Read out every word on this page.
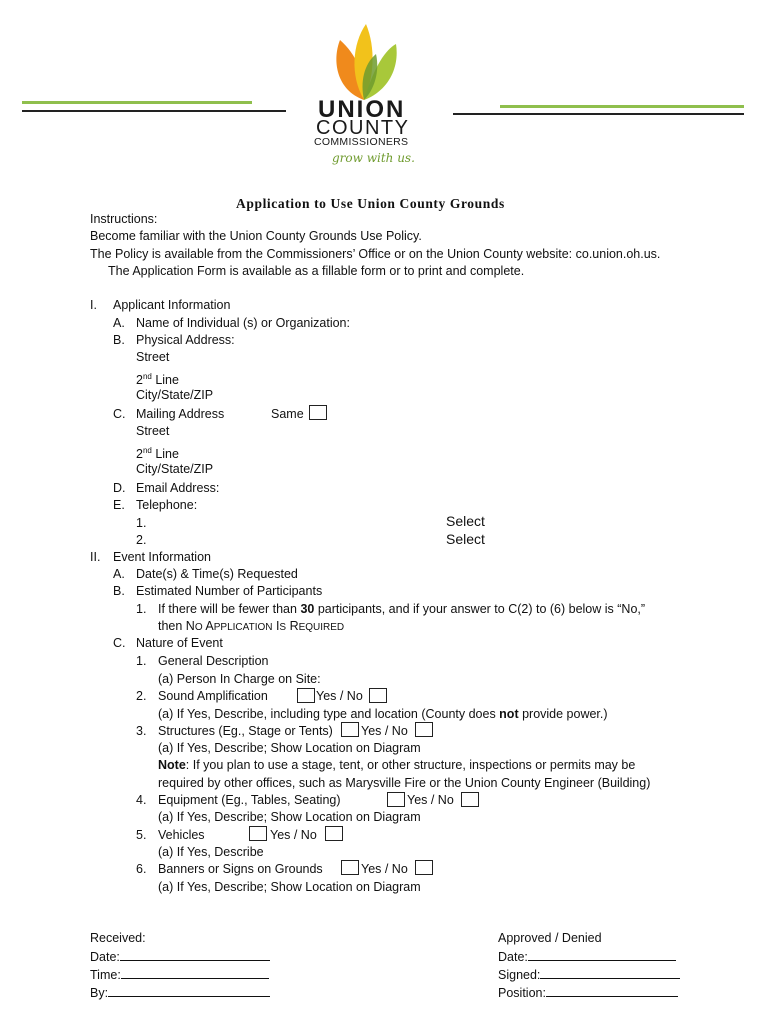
UNION
COUNTY
COMMISSIONERS
grow with us.
Application to Use Union County Grounds
Instructions:
Become familiar with the Union County Grounds Use Policy.
The Policy is available from the Commissioners’ Office or on the Union County website: co.union.oh.us.
The Application Form is available as a fillable form or to print and complete.
I. Applicant Information
A. Name of Individual (s) or Organization:
B. Physical Address:
Street
2nd Line
City/State/ZIP
C. Mailing Address	Same
Street
2nd Line
City/State/ZIP
D. Email Address:
E. Telephone:
1.	Select
2.	Select
II. Event Information
A. Date(s) & Time(s) Requested
B. Estimated Number of Participants
1. If there will be fewer than 30 participants, and if your answer to C(2) to (6) below is “No,”
then NO APPLICATION IS REQUIRED
C. Nature of Event
1. General Description
(a) Person In Charge on Site:
2. Sound Amplification	Yes / No
(a) If Yes, Describe, including type and location (County does not provide power.)
3. Structures (Eg., Stage or Tents) Yes / No
(a) If Yes, Describe; Show Location on Diagram
Note: If you plan to use a stage, tent, or other structure, inspections or permits may be
required by other offices, such as Marysville Fire or the Union County Engineer (Building)
4. Equipment (Eg., Tables, Seating)	Yes / No
(a) If Yes, Describe; Show Location on Diagram
5. Vehicles	Yes / No
(a) If Yes, Describe
6. Banners or Signs on Grounds	Yes / No
(a) If Yes, Describe; Show Location on Diagram
Received:
Date:
Time:
By:
Approved / Denied
Date:
Signed:
Position:
